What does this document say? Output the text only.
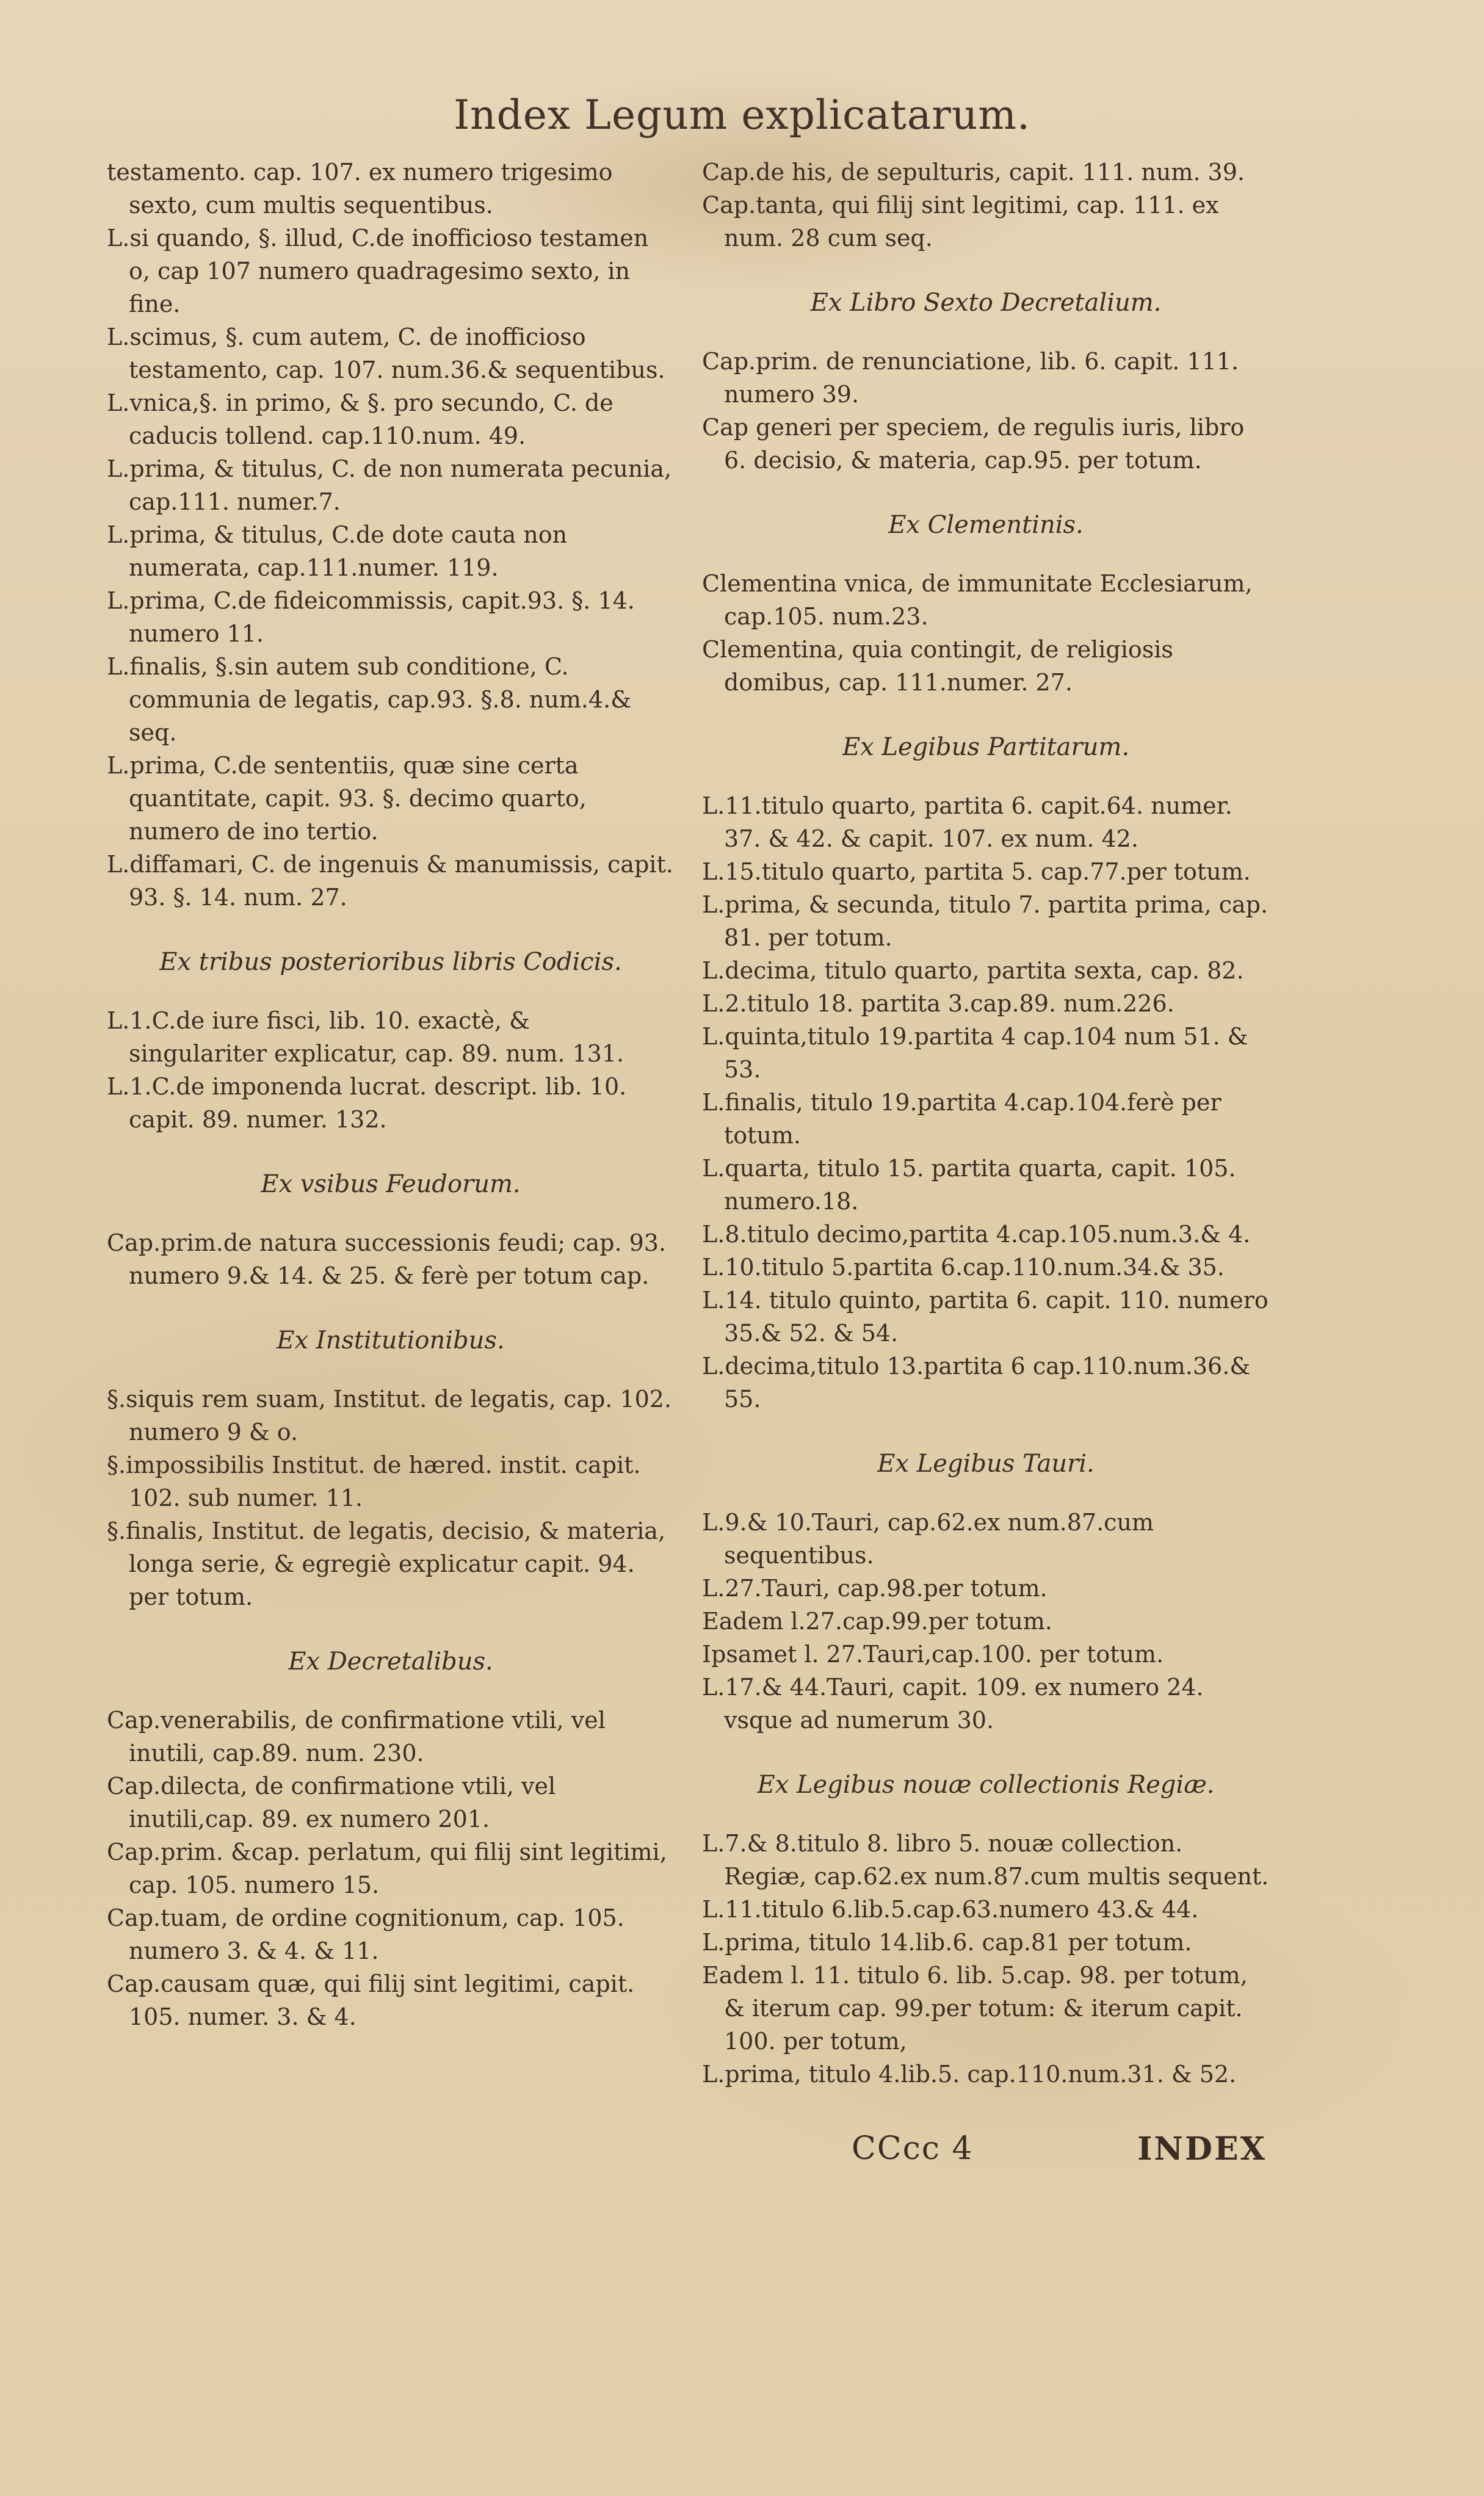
Index Legum explicatarum.

testamento. cap. 107. ex numero trigesimo sexto, cum multis sequentibus.

L.si quando, §. illud, C.de inofficioso testamen o, cap 107 numero quadragesimo sexto, in fine.

L.scimus, §. cum autem, C. de inofficioso testamento, cap. 107. num.36.& sequentibus.

L.vnica,§. in primo, & §. pro secundo, C. de caducis tollend. cap.110.num. 49.

L.prima, & titulus, C. de non numerata pecunia, cap.111. numer.7.

L.prima, & titulus, C.de dote cauta non numerata, cap.111.numer. 119.

L.prima, C.de fideicommissis, capit.93. §. 14. numero 11.

L.finalis, §.sin autem sub conditione, C. communia de legatis, cap.93. §.8. num.4.& seq.

L.prima, C.de sententiis, quæ sine certa quantitate, capit. 93. §. decimo quarto, numero de ino tertio.

L.diffamari, C. de ingenuis & manumissis, capit. 93. §. 14. num. 27.

Ex tribus posterioribus libris Codicis.

L.1.C.de iure fisci, lib. 10. exactè, & singulariter explicatur, cap. 89. num. 131.

L.1.C.de imponenda lucrat. descript. lib. 10. capit. 89. numer. 132.

Ex vsibus Feudorum.

Cap.prim.de natura successionis feudi; cap. 93. numero 9.& 14. & 25. & ferè per totum cap.

Ex Institutionibus.

§.siquis rem suam, Institut. de legatis, cap. 102. numero 9 & o.

§.impossibilis Institut. de hæred. instit. capit. 102. sub numer. 11.

§.finalis, Institut. de legatis, decisio, & materia, longa serie, & egregiè explicatur capit. 94. per totum.

Ex Decretalibus.

Cap.venerabilis, de confirmatione vtili, vel inutili, cap.89. num. 230.

Cap.dilecta, de confirmatione vtili, vel inutili,cap. 89. ex numero 201.

Cap.prim. &cap. perlatum, qui filij sint legitimi, cap. 105. numero 15.

Cap.tuam, de ordine cognitionum, cap. 105. numero 3. & 4. & 11.

Cap.causam quæ, qui filij sint legitimi, capit. 105. numer. 3. & 4.

Cap.de his, de sepulturis, capit. 111. num. 39.

Cap.tanta, qui filij sint legitimi, cap. 111. ex num. 28 cum seq.

Ex Libro Sexto Decretalium.

Cap.prim. de renunciatione, lib. 6. capit. 111. numero 39.

Cap generi per speciem, de regulis iuris, libro 6. decisio, & materia, cap.95. per totum.

Ex Clementinis.

Clementina vnica, de immunitate Ecclesiarum, cap.105. num.23.

Clementina, quia contingit, de religiosis domibus, cap. 111.numer. 27.

Ex Legibus Partitarum.

L.11.titulo quarto, partita 6. capit.64. numer. 37. & 42. & capit. 107. ex num. 42.

L.15.titulo quarto, partita 5. cap.77.per totum.

L.prima, & secunda, titulo 7. partita prima, cap. 81. per totum.

L.decima, titulo quarto, partita sexta, cap. 82.

L.2.titulo 18. partita 3.cap.89. num.226.

L.quinta,titulo 19.partita 4 cap.104 num 51. & 53.

L.finalis, titulo 19.partita 4.cap.104.ferè per totum.

L.quarta, titulo 15. partita quarta, capit. 105. numero.18.

L.8.titulo decimo,partita 4.cap.105.num.3.& 4.

L.10.titulo 5.partita 6.cap.110.num.34.& 35.

L.14. titulo quinto, partita 6. capit. 110. numero 35.& 52. & 54.

L.decima,titulo 13.partita 6 cap.110.num.36.& 55.

Ex Legibus Tauri.

L.9.& 10.Tauri, cap.62.ex num.87.cum sequentibus.

L.27.Tauri, cap.98.per totum.

Eadem l.27.cap.99.per totum.

Ipsamet l. 27.Tauri,cap.100. per totum.

L.17.& 44.Tauri, capit. 109. ex numero 24. vsque ad numerum 30.

Ex Legibus nouæ collectionis Regiæ.

L.7.& 8.titulo 8. libro 5. nouæ collection. Regiæ, cap.62.ex num.87.cum multis sequent.

L.11.titulo 6.lib.5.cap.63.numero 43.& 44.

L.prima, titulo 14.lib.6. cap.81 per totum.

Eadem l. 11. titulo 6. lib. 5.cap. 98. per totum, & iterum cap. 99.per totum: & iterum capit. 100. per totum,

L.prima, titulo 4.lib.5. cap.110.num.31. & 52.

CCcc 4	INDEX
